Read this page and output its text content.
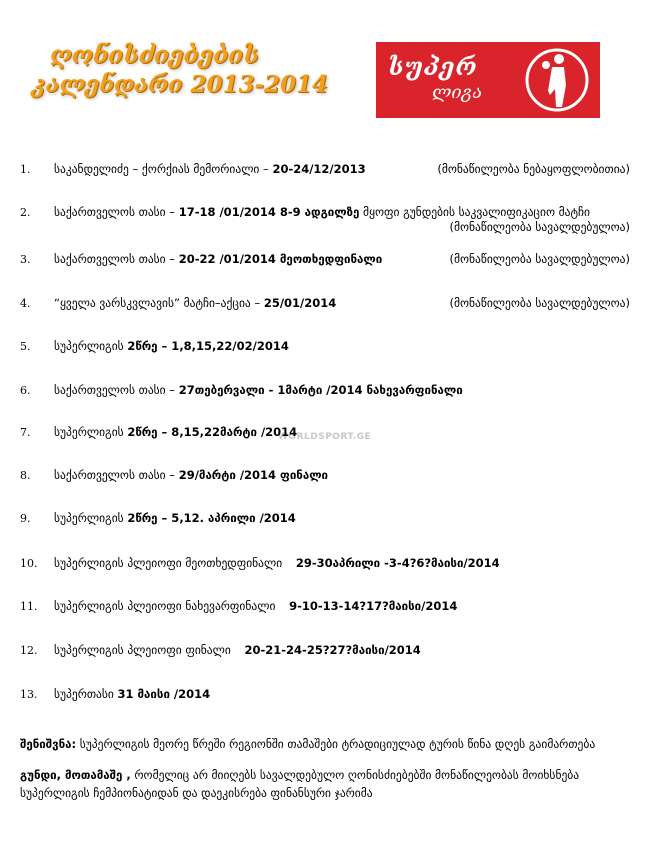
ღონისძიებების
კალენდარი 2013-2014
სუპერ
ლიგა
WORLDSPORT.GE
1. საკანდელიძე – ქორქიას მემორიალი – 20-24/12/2013	(მონაწილეობა ნებაყოფლობითია)
2. საქართველოს თასი – 17-18 /01/2014 8-9 ადგილზე მყოფი გუნდების საკვალიფიკაციო მატჩი
(მონაწილეობა სავალდებულოა)
3. საქართველოს თასი – 20-22 /01/2014 მეოთხედფინალი	(მონაწილეობა სავალდებულოა)
4. “ყველა ვარსკვლავის” მატჩი–აქცია – 25/01/2014	(მონაწილეობა სავალდებულოა)
5. სუპერლიგის 2წრე – 1,8,15,22/02/2014
6. საქართველოს თასი – 27თებერვალი - 1მარტი /2014 ნახევარფინალი
7. სუპერლიგის 2წრე – 8,15,22მარტი /2014
8. საქართველოს თასი – 29/მარტი /2014 ფინალი
9. სუპერლიგის 2წრე – 5,12. აპრილი /2014
10. სუპერლიგის პლეიოფი მეოთხედფინალი 29-30აპრილი -3-4?6?მაისი/2014
11. სუპერლიგის პლეიოფი ნახევარფინალი 9-10-13-14?17?მაისი/2014
12. სუპერლიგის პლეიოფი ფინალი 20-21-24-25?27?მაისი/2014
13. სუპერთასი 31 მაისი /2014
შენიშვნა: სუპერლიგის მეორე წრეში რეგიონში თამაშები ტრადიციულად ტურის წინა დღეს გაიმართება
გუნდი, მოთამაშე , რომელიც არ მიიღებს სავალდებულო ღონისძიებებში მონაწილეობას მოიხსნება
სუპერლიგის ჩემპიონატიდან და დაეკისრება ფინანსური ჯარიმა
